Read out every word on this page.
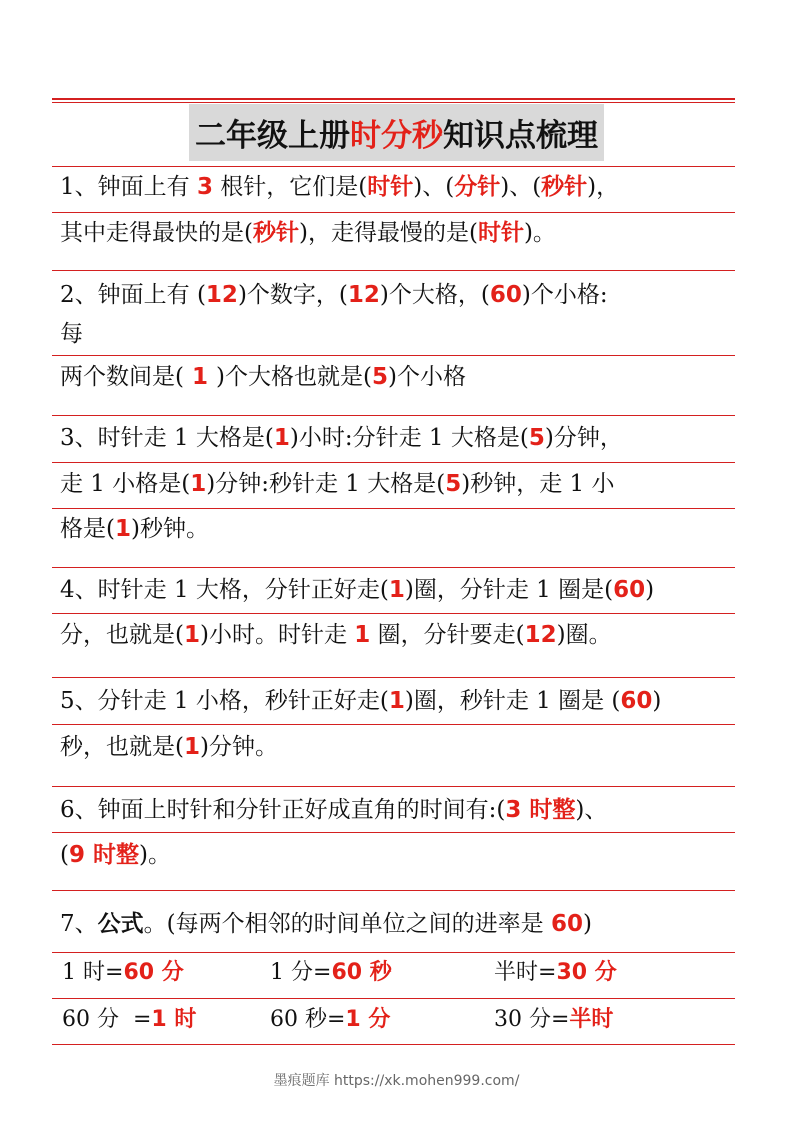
二年级上册时分秒知识点梳理
1、钟面上有 3 根针，它们是(时针)、(分针)、(秒针)，
其中走得最快的是(秒针)，走得最慢的是(时针)。
2、钟面上有 (12)个数字，(12)个大格，(60)个小格:
每
两个数间是( 1 )个大格也就是(5)个小格
3、时针走 1 大格是(1)小时:分针走 1 大格是(5)分钟，
走 1 小格是(1)分钟:秒针走 1 大格是(5)秒钟，走 1 小
格是(1)秒钟。
4、时针走 1 大格，分针正好走(1)圈，分针走 1 圈是(60)
分，也就是(1)小时。时针走 1 圈，分针要走(12)圈。
5、分针走 1 小格，秒针正好走(1)圈，秒针走 1 圈是 (60)
秒，也就是(1)分钟。
6、钟面上时针和分针正好成直角的时间有:(3 时整)、
(9 时整)。
7、公式。(每两个相邻的时间单位之间的进率是 60)
1 时=60 分	1 分=60 秒	半时=30 分
60 分  =1 时	60 秒=1 分	30 分=半时
墨痕题库 https://xk.mohen999.com/
